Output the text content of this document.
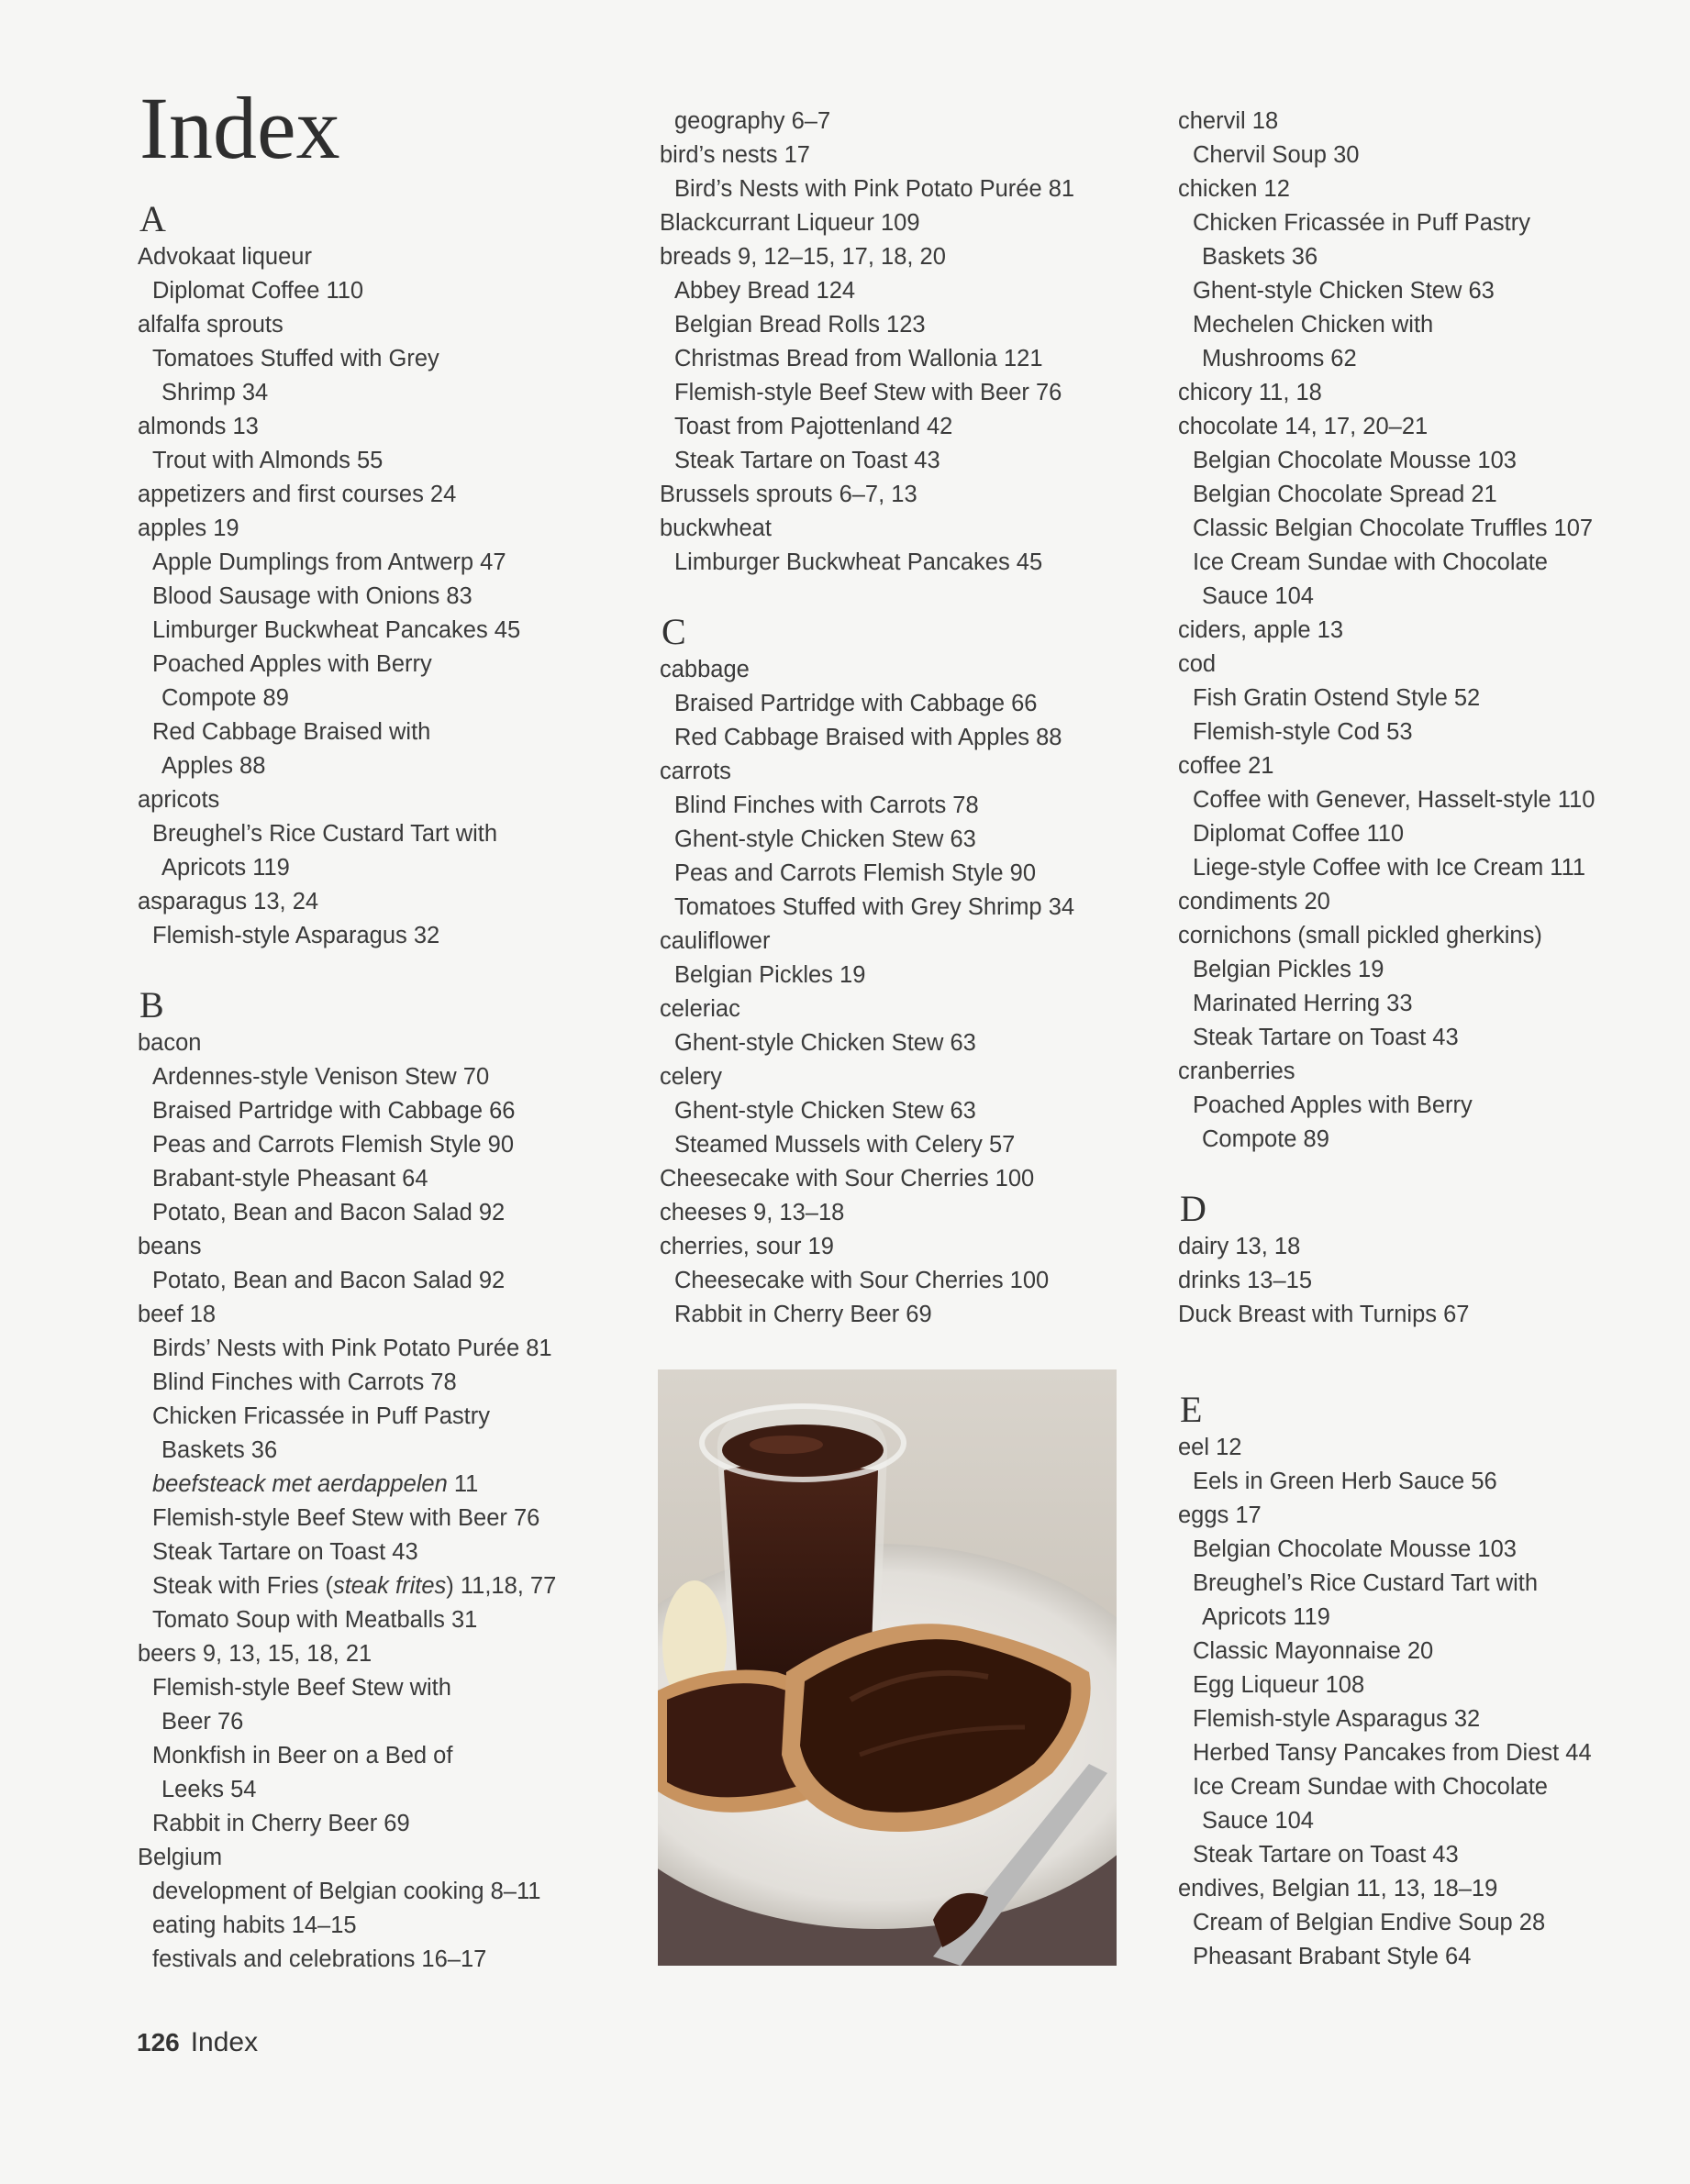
Index
A
Advokaat liqueur
Diplomat Coffee 110
alfalfa sprouts
Tomatoes Stuffed with Grey
Shrimp 34
almonds 13
Trout with Almonds 55
appetizers and first courses 24
apples 19
Apple Dumplings from Antwerp 47
Blood Sausage with Onions 83
Limburger Buckwheat Pancakes 45
Poached Apples with Berry
Compote 89
Red Cabbage Braised with
Apples 88
apricots
Breughel’s Rice Custard Tart with
Apricots 119
asparagus 13, 24
Flemish-style Asparagus 32
B
bacon
Ardennes-style Venison Stew 70
Braised Partridge with Cabbage 66
Peas and Carrots Flemish Style 90
Brabant-style Pheasant 64
Potato, Bean and Bacon Salad 92
beans
Potato, Bean and Bacon Salad 92
beef 18
Birds’ Nests with Pink Potato Purée 81
Blind Finches with Carrots 78
Chicken Fricassée in Puff Pastry
Baskets 36
beefsteack met aerdappelen 11
Flemish-style Beef Stew with Beer 76
Steak Tartare on Toast 43
Steak with Fries (steak frites) 11,18, 77
Tomato Soup with Meatballs 31
beers 9, 13, 15, 18, 21
Flemish-style Beef Stew with
Beer 76
Monkfish in Beer on a Bed of
Leeks 54
Rabbit in Cherry Beer 69
Belgium
development of Belgian cooking 8–11
eating habits 14–15
festivals and celebrations 16–17
geography 6–7
bird’s nests 17
Bird’s Nests with Pink Potato Purée 81
Blackcurrant Liqueur 109
breads 9, 12–15, 17, 18, 20
Abbey Bread 124
Belgian Bread Rolls 123
Christmas Bread from Wallonia 121
Flemish-style Beef Stew with Beer 76
Toast from Pajottenland 42
Steak Tartare on Toast 43
Brussels sprouts 6–7, 13
buckwheat
Limburger Buckwheat Pancakes 45
C
cabbage
Braised Partridge with Cabbage 66
Red Cabbage Braised with Apples 88
carrots
Blind Finches with Carrots 78
Ghent-style Chicken Stew 63
Peas and Carrots Flemish Style 90
Tomatoes Stuffed with Grey Shrimp 34
cauliflower
Belgian Pickles 19
celeriac
Ghent-style Chicken Stew 63
celery
Ghent-style Chicken Stew 63
Steamed Mussels with Celery 57
Cheesecake with Sour Cherries 100
cheeses 9, 13–18
cherries, sour 19
Cheesecake with Sour Cherries 100
Rabbit in Cherry Beer 69
chervil 18
Chervil Soup 30
chicken 12
Chicken Fricassée in Puff Pastry
Baskets 36
Ghent-style Chicken Stew 63
Mechelen Chicken with
Mushrooms 62
chicory 11, 18
chocolate 14, 17, 20–21
Belgian Chocolate Mousse 103
Belgian Chocolate Spread 21
Classic Belgian Chocolate Truffles 107
Ice Cream Sundae with Chocolate
Sauce 104
ciders, apple 13
cod
Fish Gratin Ostend Style 52
Flemish-style Cod 53
coffee 21
Coffee with Genever, Hasselt-style 110
Diplomat Coffee 110
Liege-style Coffee with Ice Cream 111
condiments 20
cornichons (small pickled gherkins)
Belgian Pickles 19
Marinated Herring 33
Steak Tartare on Toast 43
cranberries
Poached Apples with Berry
Compote 89
D
dairy 13, 18
drinks 13–15
Duck Breast with Turnips 67
E
eel 12
Eels in Green Herb Sauce 56
eggs 17
Belgian Chocolate Mousse 103
Breughel’s Rice Custard Tart with
Apricots 119
Classic Mayonnaise 20
Egg Liqueur 108
Flemish-style Asparagus 32
Herbed Tansy Pancakes from Diest 44
Ice Cream Sundae with Chocolate
Sauce 104
Steak Tartare on Toast 43
endives, Belgian 11, 13, 18–19
Cream of Belgian Endive Soup 28
Pheasant Brabant Style 64
126 Index
